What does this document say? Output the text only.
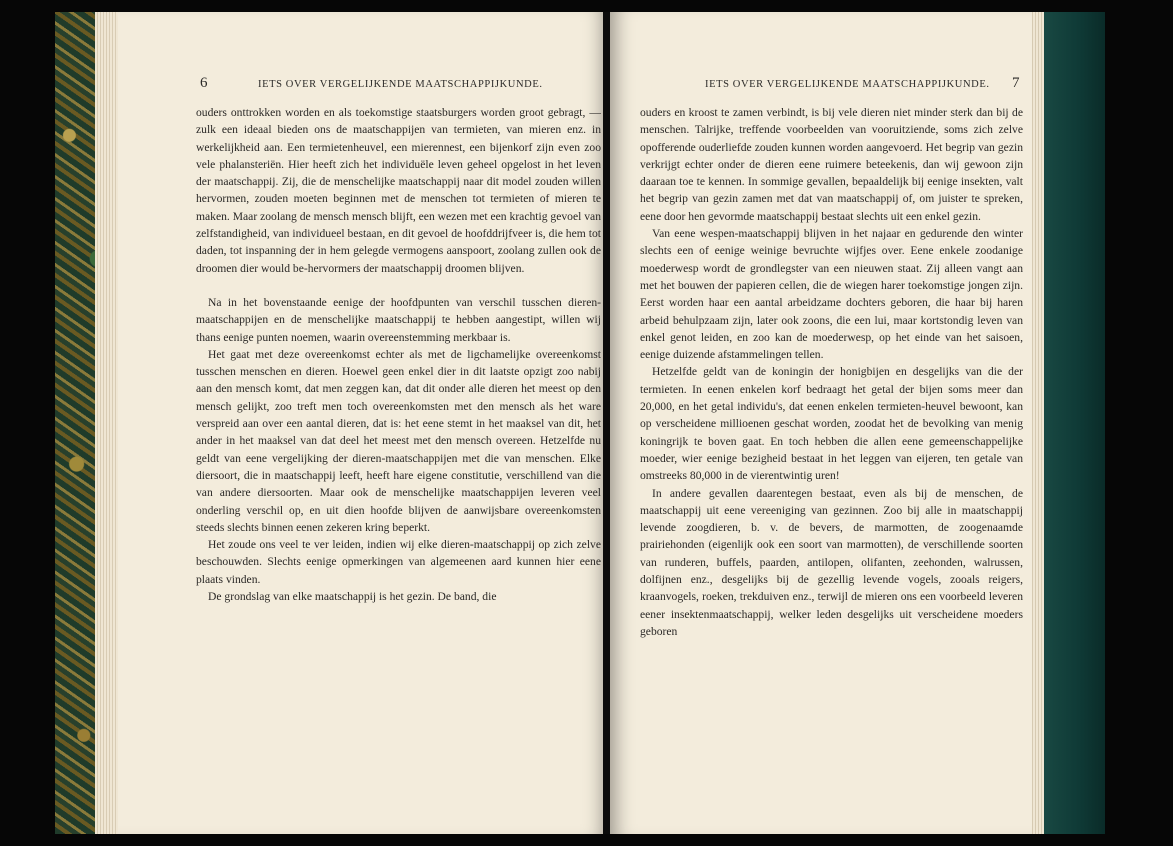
6	IETS OVER VERGELIJKENDE MAATSCHAPPIJKUNDE.

ouders onttrokken worden en als toekomstige staatsburgers worden groot gebragt, — zulk een ideaal bieden ons de maatschappijen van termieten, van mieren enz. in werkelijkheid aan. Een termietenheuvel, een mierennest, een bijenkorf zijn even zoo vele phalansteriën. Hier heeft zich het individuële leven geheel opgelost in het leven der maatschappij. Zij, die de menschelijke maatschappij naar dit model zouden willen hervormen, zouden moeten beginnen met de menschen tot termieten of mieren te maken. Maar zoolang de mensch mensch blijft, een wezen met een krachtig gevoel van zelfstandigheid, van individueel bestaan, en dit gevoel de hoofddrijfveer is, die hem tot daden, tot inspanning der in hem gelegde vermogens aanspoort, zoolang zullen ook de droomen dier would be-hervormers der maatschappij droomen blijven.

Na in het bovenstaande eenige der hoofdpunten van verschil tusschen dieren-maatschappijen en de menschelijke maatschappij te hebben aangestipt, willen wij thans eenige punten noemen, waarin overeenstemming merkbaar is.

Het gaat met deze overeenkomst echter als met de ligchamelijke overeenkomst tusschen menschen en dieren. Hoewel geen enkel dier in dit laatste opzigt zoo nabij aan den mensch komt, dat men zeggen kan, dat dit onder alle dieren het meest op den mensch gelijkt, zoo treft men toch overeenkomsten met den mensch als het ware verspreid aan over een aantal dieren, dat is: het eene stemt in het maaksel van dit, het ander in het maaksel van dat deel het meest met den mensch overeen. Hetzelfde nu geldt van eene vergelijking der dieren-maatschappijen met die van menschen. Elke diersoort, die in maatschappij leeft, heeft hare eigene constitutie, verschillend van die van andere diersoorten. Maar ook de menschelijke maatschappijen leveren veel onderling verschil op, en uit dien hoofde blijven de aanwijsbare overeenkomsten steeds slechts binnen eenen zekeren kring beperkt.

Het zoude ons veel te ver leiden, indien wij elke dieren-maatschappij op zich zelve beschouwden. Slechts eenige opmerkingen van algemeenen aard kunnen hier eene plaats vinden.

De grondslag van elke maatschappij is het gezin. De band, die

IETS OVER VERGELIJKENDE MAATSCHAPPIJKUNDE. 7

ouders en kroost te zamen verbindt, is bij vele dieren niet minder sterk dan bij de menschen. Talrijke, treffende voorbeelden van vooruitziende, soms zich zelve opofferende ouderliefde zouden kunnen worden aangevoerd. Het begrip van gezin verkrijgt echter onder de dieren eene ruimere beteekenis, dan wij gewoon zijn daaraan toe te kennen. In sommige gevallen, bepaaldelijk bij eenige insekten, valt het begrip van gezin zamen met dat van maatschappij of, om juister te spreken, eene door hen gevormde maatschappij bestaat slechts uit een enkel gezin.

Van eene wespen-maatschappij blijven in het najaar en gedurende den winter slechts een of eenige weinige bevruchte wijfjes over. Eene enkele zoodanige moederwesp wordt de grondlegster van een nieuwen staat. Zij alleen vangt aan met het bouwen der papieren cellen, die de wiegen harer toekomstige jongen zijn. Eerst worden haar een aantal arbeidzame dochters geboren, die haar bij haren arbeid behulpzaam zijn, later ook zoons, die een lui, maar kortstondig leven van enkel genot leiden, en zoo kan de moederwesp, op het einde van het saisoen, eenige duizende afstammelingen tellen.

Hetzelfde geldt van de koningin der honigbijen en desgelijks van die der termieten. In eenen enkelen korf bedraagt het getal der bijen soms meer dan 20,000, en het getal individu's, dat eenen enkelen termieten-heuvel bewoont, kan op verscheidene millioenen geschat worden, zoodat het de bevolking van menig koningrijk te boven gaat. En toch hebben die allen eene gemeenschappelijke moeder, wier eenige bezigheid bestaat in het leggen van eijeren, ten getale van omstreeks 80,000 in de vierentwintig uren!

In andere gevallen daarentegen bestaat, even als bij de menschen, de maatschappij uit eene vereeniging van gezinnen. Zoo bij alle in maatschappij levende zoogdieren, b. v. de bevers, de marmotten, de zoogenaamde prairiehonden (eigenlijk ook een soort van marmotten), de verschillende soorten van runderen, buffels, paarden, antilopen, olifanten, zeehonden, walrussen, dolfijnen enz., desgelijks bij de gezellig levende vogels, zooals reigers, kraanvogels, roeken, trekduiven enz., terwijl de mieren ons een voorbeeld leveren eener insektenmaatschappij, welker leden desgelijks uit verscheidene moeders geboren
